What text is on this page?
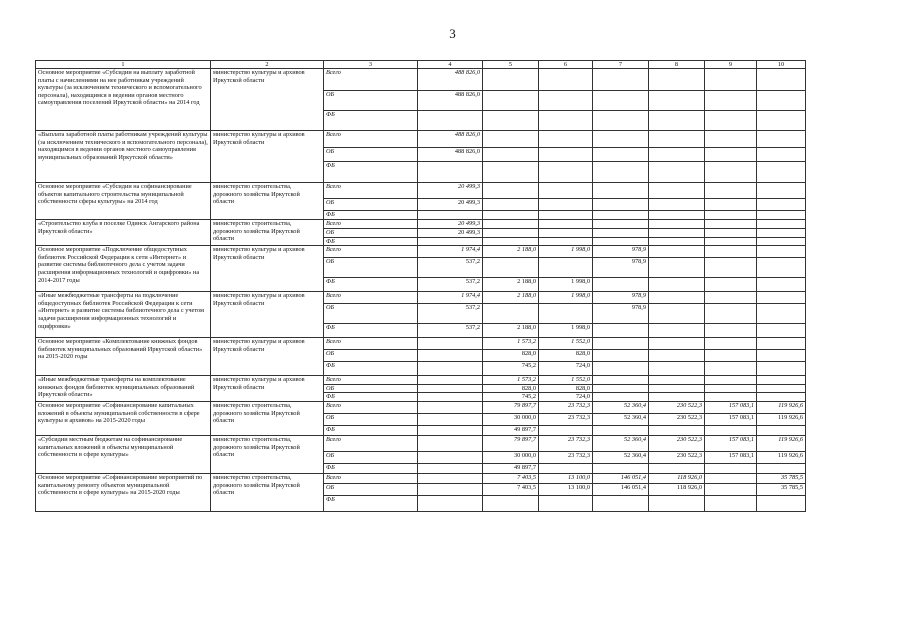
3
1	2	3	4	5	6	7	8	9	10
Основное мероприятие «Субсидии на выплату заработной платы с начислениями на нее работникам учреждений культуры (за исключением технического и вспомогательного персонала), находящимся в ведении органов местного самоуправления поселений Иркутской области» на 2014 год	министерство культуры и архивов Иркутской области	Всего	488 826,0						
		ОБ	488 826,0						
		ФБ							
«Выплата заработной платы работникам учреждений культуры (за исключением технического и вспомогательного персонала), находящимся в ведении органов местного самоуправления муниципальных образований Иркутской области»	министерство культуры и архивов Иркутской области	Всего	488 826,0						
		ОБ	488 826,0						
		ФБ							
Основное мероприятие «Субсидии на софинансирование объектов капитального строительства муниципальной собственности сферы культуры» на 2014 год	министерство строительства, дорожного хозяйства Иркутской области	Всего	20 499,3						
		ОБ	20 499,3						
		ФБ							
«Строительство клуба в поселке Одинск Ангарского района Иркутской области»	министерство строительства, дорожного хозяйства Иркутской области	Всего	20 499,3						
		ОБ	20 499,3						
		ФБ							
Основное мероприятие «Подключение общедоступных библиотек Российской Федерации к сети «Интернет» и развитие системы библиотечного дела с учетом задачи расширения информационных технологий и оцифровки» на 2014-2017 годы	министерство культуры и архивов Иркутской области	Всего	1 974,4	2 188,0	1 998,0	978,9			
		ОБ	537,2			978,9			
		ФБ	537,2	2 188,0	1 998,0				
«Иные межбюджетные трансферты на подключение общедоступных библиотек Российской Федерации к сети «Интернет» и развитие системы библиотечного дела с учетом задачи расширения информационных технологий и оцифровки»	министерство культуры и архивов Иркутской области	Всего	1 974,4	2 188,0	1 998,0	978,9			
		ОБ	537,2			978,9			
		ФБ	537,2	2 188,0	1 998,0				
Основное мероприятие «Комплектование книжных фондов библиотек муниципальных образований Иркутской области» на 2015-2020 годы	министерство культуры и архивов Иркутской области	Всего		1 573,2	1 552,0				
		ОБ		828,0	828,0				
		ФБ		745,2	724,0				
«Иные межбюджетные трансферты на комплектование книжных фондов библиотек муниципальных образований Иркутской области»	министерство культуры и архивов Иркутской области	Всего		1 573,2	1 552,0				
		ОБ		828,0	828,0				
		ФБ		745,2	724,0				
Основное мероприятие «Софинансирование капитальных вложений в объекты муниципальной собственности в сфере культуры и архивов» на 2015-2020 годы	министерство строительства, дорожного хозяйства Иркутской области	Всего		79 897,7	23 732,3	52 360,4	230 522,3	157 083,1	119 926,6
		ОБ		30 000,0	23 732,3	52 360,4	230 522,3	157 083,1	119 926,6
		ФБ		49 897,7					
«Субсидии местным бюджетам на софинансирование капитальных вложений в объекты муниципальной собственности в сфере культуры»	министерство строительства, дорожного хозяйства Иркутской области	Всего		79 897,7	23 732,3	52 360,4	230 522,3	157 083,1	119 926,6
		ОБ		30 000,0	23 732,3	52 360,4	230 522,3	157 083,1	119 926,6
		ФБ		49 897,7					
Основное мероприятие «Софинансирование мероприятий по капитальному ремонту объектов муниципальной собственности в сфере культуры» на 2015-2020 годы	министерство строительства, дорожного хозяйства Иркутской области	Всего		7 403,5	13 100,0	146 051,4	118 926,0		35 785,5
		ОБ		7 403,5	13 100,0	146 051,4	118 926,0		35 785,5
		ФБ							
